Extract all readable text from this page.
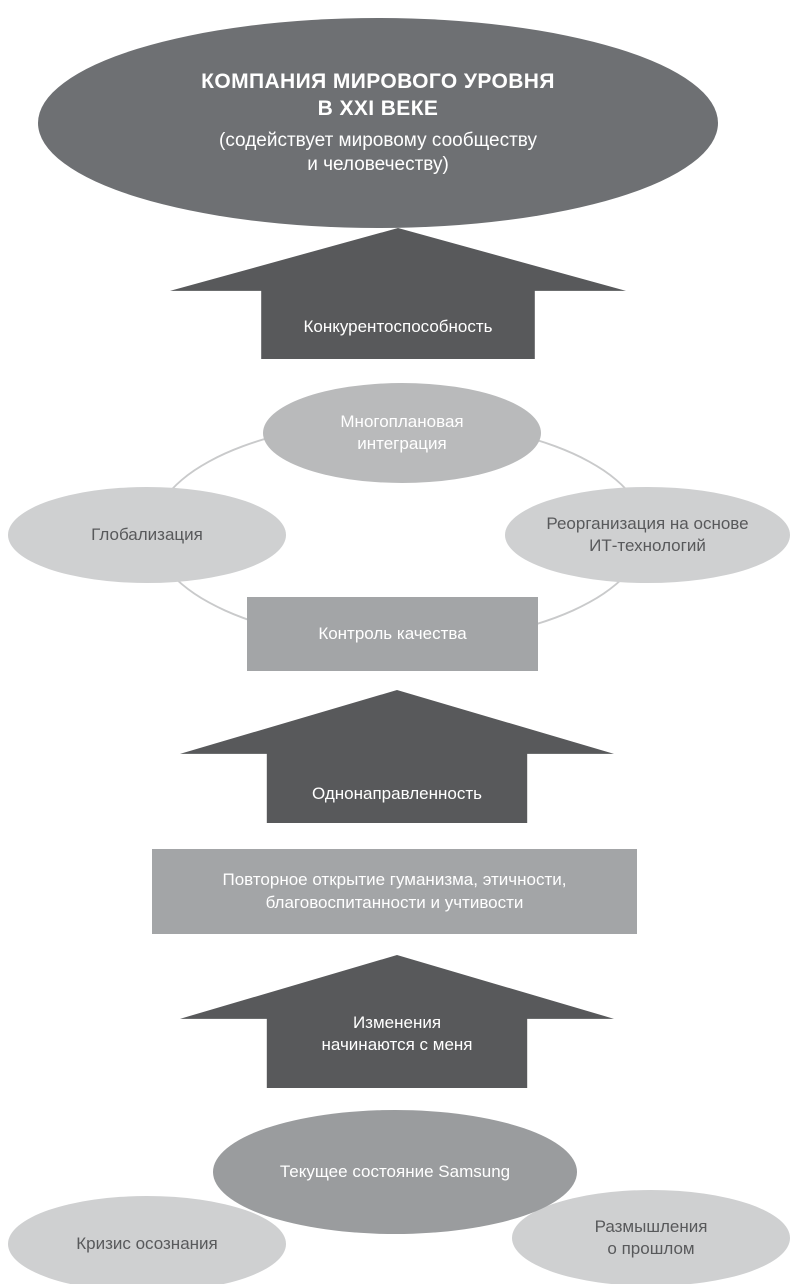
КОМПАНИЯ МИРОВОГО УРОВНЯ
В XXI ВЕКЕ
(содействует мировому сообществу
и человечеству)
Конкурентоспособность
Многоплановая
интеграция
Глобализация
Реорганизация на основе
ИТ-технологий
Контроль качества
Однонаправленность
Повторное открытие гуманизма, этичности,
благовоспитанности и учтивости
Изменения
начинаются с меня
Кризис осознания
Размышления
о прошлом
Текущее состояние Samsung
